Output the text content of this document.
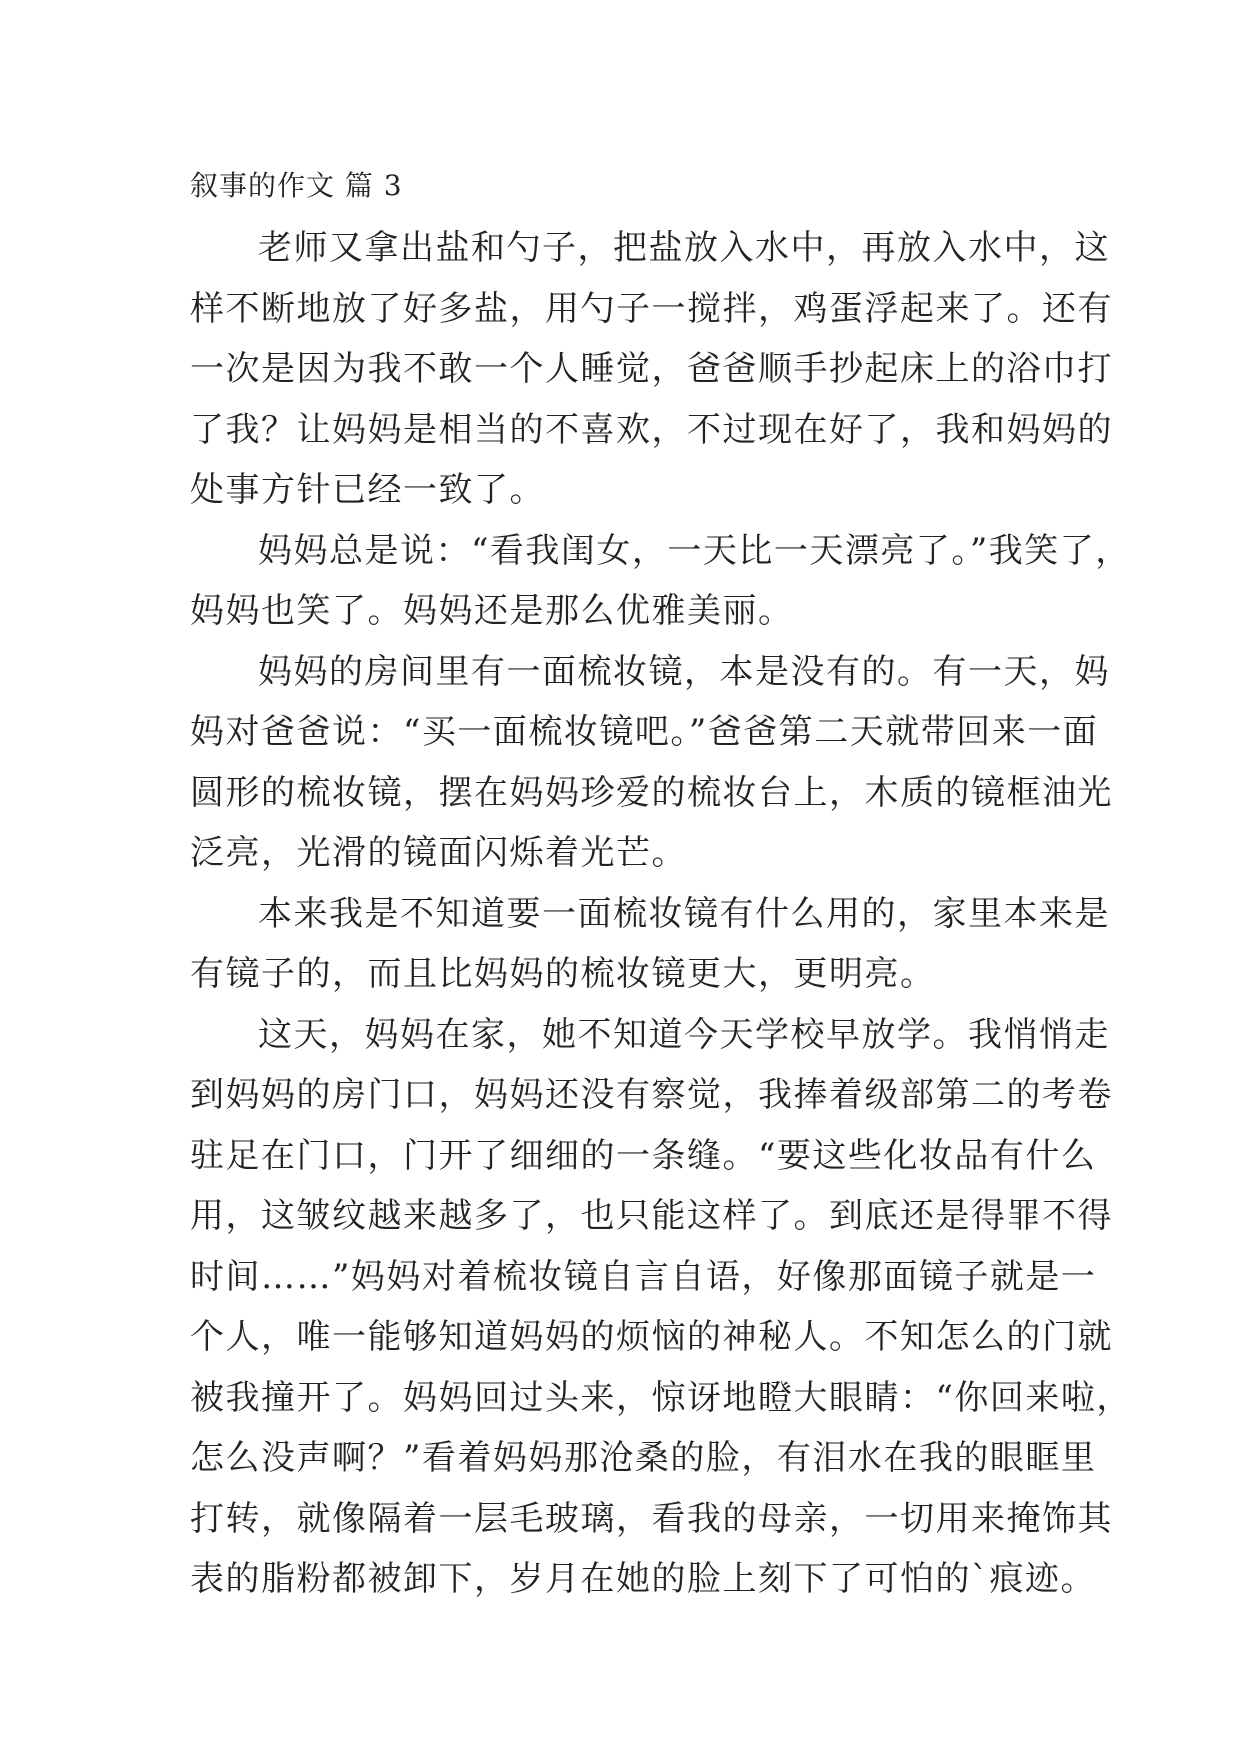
叙事的作文 篇 3
老师又拿出盐和勺子，把盐放入水中，再放入水中，这
样不断地放了好多盐，用勺子一搅拌，鸡蛋浮起来了。还有
一次是因为我不敢一个人睡觉，爸爸顺手抄起床上的浴巾打
了我？让妈妈是相当的不喜欢，不过现在好了，我和妈妈的
处事方针已经一致了。
妈妈总是说：“看我闺女，一天比一天漂亮了。”我笑了，
妈妈也笑了。妈妈还是那么优雅美丽。
妈妈的房间里有一面梳妆镜，本是没有的。有一天，妈
妈对爸爸说：“买一面梳妆镜吧。”爸爸第二天就带回来一面
圆形的梳妆镜，摆在妈妈珍爱的梳妆台上，木质的镜框油光
泛亮，光滑的镜面闪烁着光芒。
本来我是不知道要一面梳妆镜有什么用的，家里本来是
有镜子的，而且比妈妈的梳妆镜更大，更明亮。
这天，妈妈在家，她不知道今天学校早放学。我悄悄走
到妈妈的房门口，妈妈还没有察觉，我捧着级部第二的考卷
驻足在门口，门开了细细的一条缝。“要这些化妆品有什么
用，这皱纹越来越多了，也只能这样了。到底还是得罪不得
时间……”妈妈对着梳妆镜自言自语，好像那面镜子就是一
个人，唯一能够知道妈妈的烦恼的神秘人。不知怎么的门就
被我撞开了。妈妈回过头来，惊讶地瞪大眼睛：“你回来啦，
怎么没声啊？”看着妈妈那沧桑的脸，有泪水在我的眼眶里
打转，就像隔着一层毛玻璃，看我的母亲，一切用来掩饰其
表的脂粉都被卸下，岁月在她的脸上刻下了可怕的`痕迹。
